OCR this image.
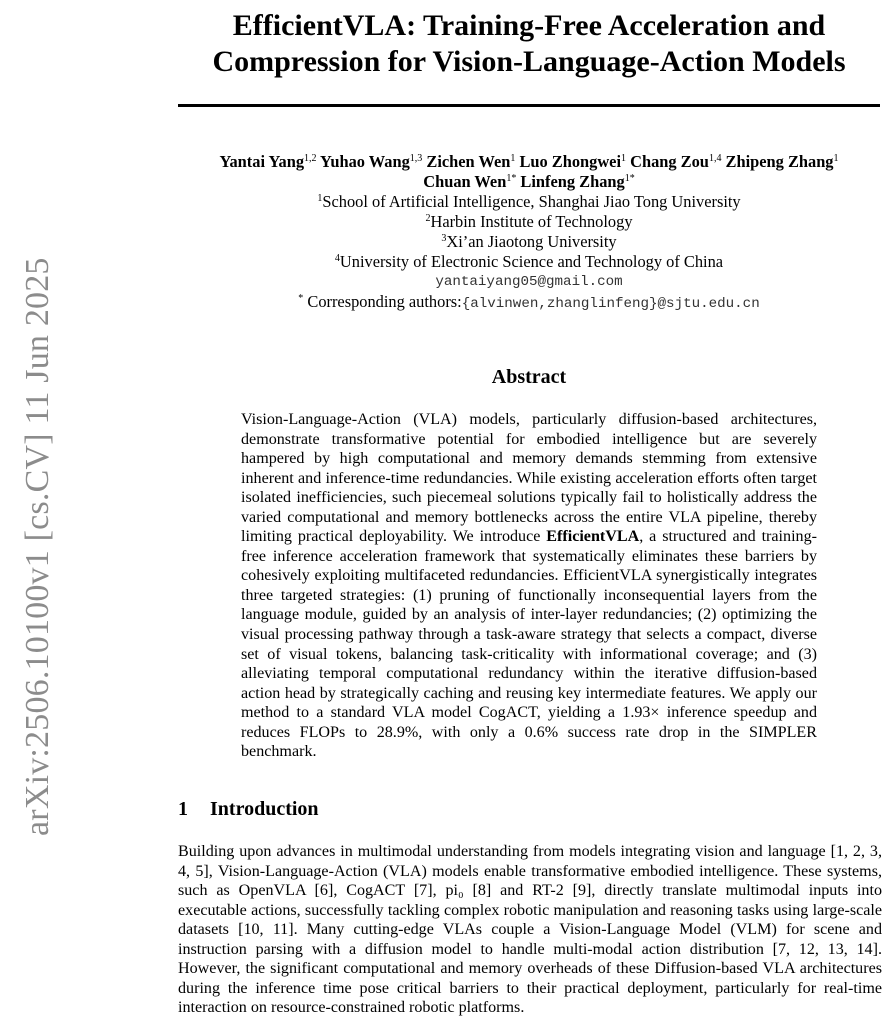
arXiv:2506.10100v1 [cs.CV] 11 Jun 2025
EfficientVLA: Training-Free Acceleration and
Compression for Vision-Language-Action Models
Yantai Yang$^{1,2}$ Yuhao Wang$^{1,3}$ Zichen Wen$^1$ Luo Zhongwei$^1$ Chang Zou$^{1,4}$ Zhipeng Zhang$^1$
Chuan Wen$^{1*}$ Linfeng Zhang$^{1*}$
$^1$School of Artificial Intelligence, Shanghai Jiao Tong University
$^2$Harbin Institute of Technology
$^3$Xi’an Jiaotong University
$^4$University of Electronic Science and Technology of China
yantaiyang05@gmail.com
* Corresponding authors:{alvinwen,zhanglinfeng}@sjtu.edu.cn
Abstract

Vision-Language-Action (VLA) models, particularly diffusion-based architectures, demonstrate transformative potential for embodied intelligence but are severely hampered by high computational and memory demands stemming from extensive inherent and inference-time redundancies. While existing acceleration efforts often target isolated inefficiencies, such piecemeal solutions typically fail to holistically address the varied computational and memory bottlenecks across the entire VLA pipeline, thereby limiting practical deployability. We introduce EfficientVLA, a structured and training-free inference acceleration framework that systematically eliminates these barriers by cohesively exploiting multifaceted redundancies. EfficientVLA synergistically integrates three targeted strategies: (1) pruning of functionally inconsequential layers from the language module, guided by an analysis of inter-layer redundancies; (2) optimizing the visual processing pathway through a task-aware strategy that selects a compact, diverse set of visual tokens, balancing task-criticality with informational coverage; and (3) alleviating temporal computational redundancy within the iterative diffusion-based action head by strategically caching and reusing key intermediate features. We apply our method to a standard VLA model CogACT, yielding a 1.93× inference speedup and reduces FLOPs to 28.9%, with only a 0.6% success rate drop in the SIMPLER benchmark.

1 Introduction

Building upon advances in multimodal understanding from models integrating vision and language [1, 2, 3, 4, 5], Vision-Language-Action (VLA) models enable transformative embodied intelligence. These systems, such as OpenVLA [6], CogACT [7], pi₀ [8] and RT-2 [9], directly translate multimodal inputs into executable actions, successfully tackling complex robotic manipulation and reasoning tasks using large-scale datasets [10, 11]. Many cutting-edge VLAs couple a Vision-Language Model (VLM) for scene and instruction parsing with a diffusion model to handle multi-modal action distribution [7, 12, 13, 14]. However, the significant computational and memory overheads of these Diffusion-based VLA architectures during the inference time pose critical barriers to their practical deployment, particularly for real-time interaction on resource-constrained robotic platforms.
